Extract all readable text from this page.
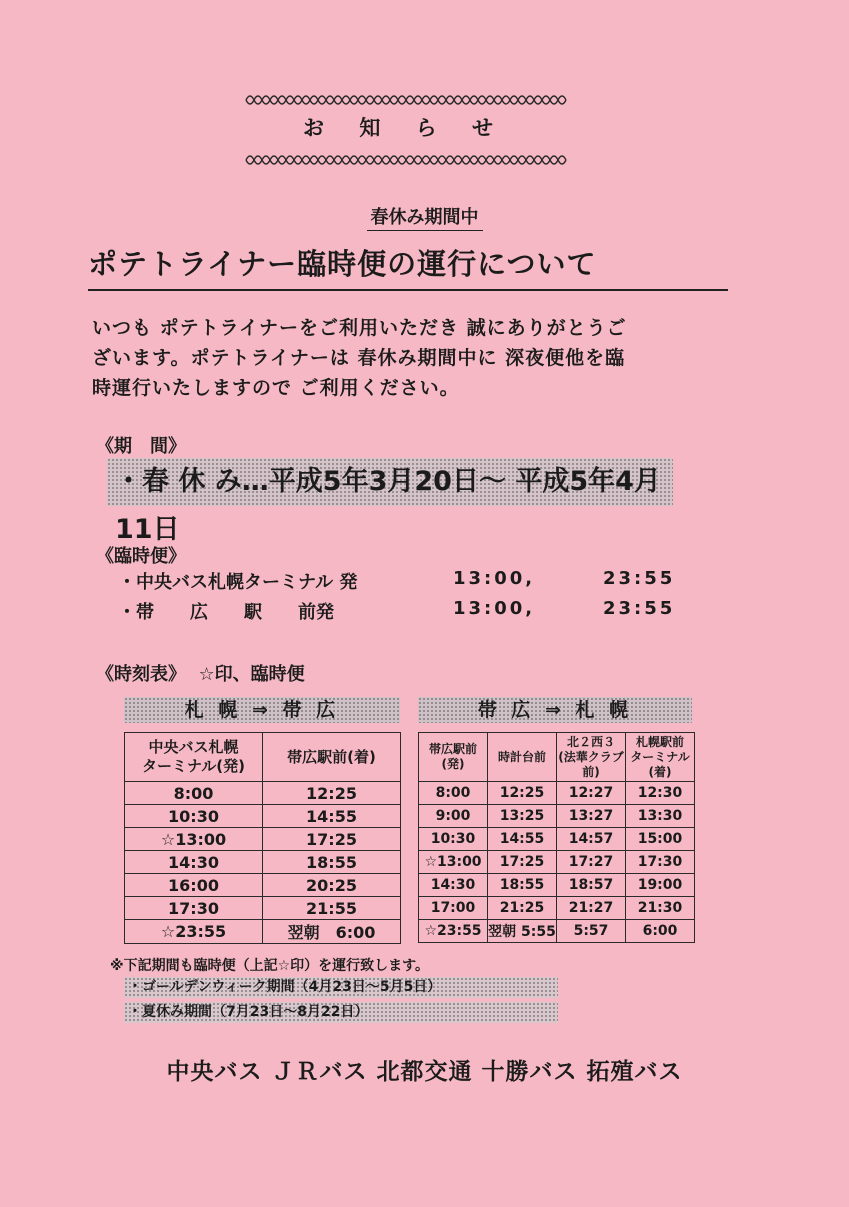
お 知 ら せ
春休み期間中
ポテトライナー臨時便の運行について
いつも ポテトライナーをご利用いただき 誠にありがとうご
ざいます。ポテトライナーは 春休み期間中に 深夜便他を臨
時運行いたしますので ご利用ください。
《期　間》
・春 休 み…平成5年3月20日～ 平成5年4月11日
《臨時便》
・中央バス札幌ターミナル 発	13:00,	23:55
・帯　　広　　駅　　前発	13:00,	23:55
《時刻表》 ☆印、臨時便
札 幌 ⇒ 帯 広	帯 広 ⇒ 札 幌
中央バス札幌
ターミナル(発)	帯広駅前(着)
8:00	12:25
10:30	14:55
☆13:00	17:25
14:30	18:55
16:00	20:25
17:30	21:55
☆23:55	翌朝　6:00
帯広駅前(発)	時計台前	北２西３
(法華クラブ前)	札幌駅前
ターミナル(着)
8:00	12:25	12:27	12:30
9:00	13:25	13:27	13:30
10:30	14:55	14:57	15:00
☆13:00	17:25	17:27	17:30
14:30	18:55	18:57	19:00
17:00	21:25	21:27	21:30
☆23:55	翌朝 5:55	5:57	6:00
※下記期間も臨時便（上記☆印）を運行致します。
・ゴールデンウィーク期間（4月23日～5月5日）
・夏休み期間（7月23日～8月22日）
中央バス ＪＲバス 北都交通 十勝バス 拓殖バス
